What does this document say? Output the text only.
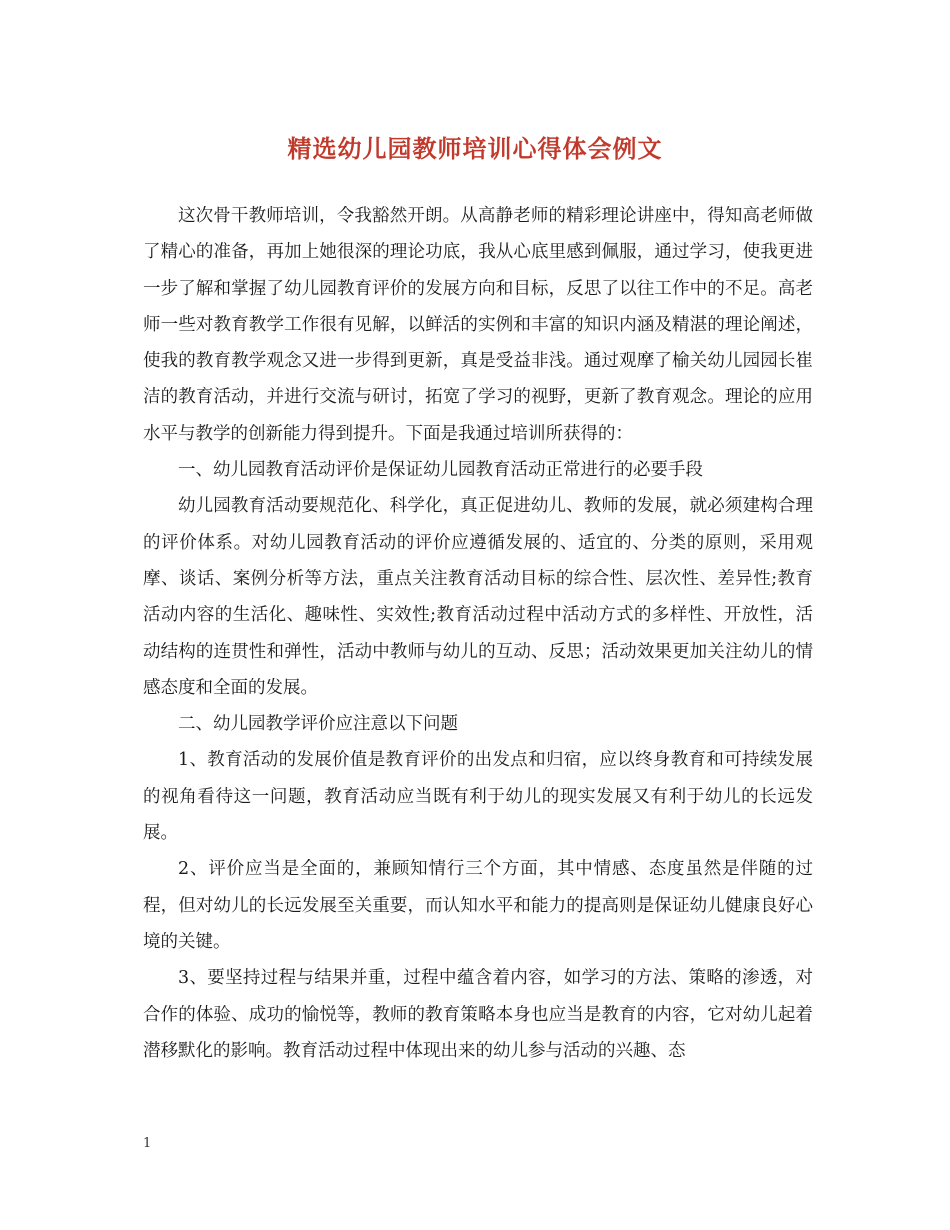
精选幼儿园教师培训心得体会例文

这次骨干教师培训，令我豁然开朗。从高静老师的精彩理论讲座中，得知高老师做了精心的准备，再加上她很深的理论功底，我从心底里感到佩服，通过学习，使我更进一步了解和掌握了幼儿园教育评价的发展方向和目标，反思了以往工作中的不足。高老师一些对教育教学工作很有见解，以鲜活的实例和丰富的知识内涵及精湛的理论阐述，使我的教育教学观念又进一步得到更新，真是受益非浅。通过观摩了榆关幼儿园园长崔洁的教育活动，并进行交流与研讨，拓宽了学习的视野，更新了教育观念。理论的应用水平与教学的创新能力得到提升。下面是我通过培训所获得的：

一、幼儿园教育活动评价是保证幼儿园教育活动正常进行的必要手段

幼儿园教育活动要规范化、科学化，真正促进幼儿、教师的发展，就必须建构合理的评价体系。对幼儿园教育活动的评价应遵循发展的、适宜的、分类的原则，采用观摩、谈话、案例分析等方法，重点关注教育活动目标的综合性、层次性、差异性;教育活动内容的生活化、趣味性、实效性;教育活动过程中活动方式的多样性、开放性，活动结构的连贯性和弹性，活动中教师与幼儿的互动、反思；活动效果更加关注幼儿的情感态度和全面的发展。

二、幼儿园教学评价应注意以下问题

1、教育活动的发展价值是教育评价的出发点和归宿，应以终身教育和可持续发展的视角看待这一问题，教育活动应当既有利于幼儿的现实发展又有利于幼儿的长远发展。

2、评价应当是全面的，兼顾知情行三个方面，其中情感、态度虽然是伴随的过程，但对幼儿的长远发展至关重要，而认知水平和能力的提高则是保证幼儿健康良好心境的关键。

3、要坚持过程与结果并重，过程中蕴含着内容，如学习的方法、策略的渗透，对合作的体验、成功的愉悦等，教师的教育策略本身也应当是教育的内容，它对幼儿起着潜移默化的影响。教育活动过程中体现出来的幼儿参与活动的兴趣、态

1
